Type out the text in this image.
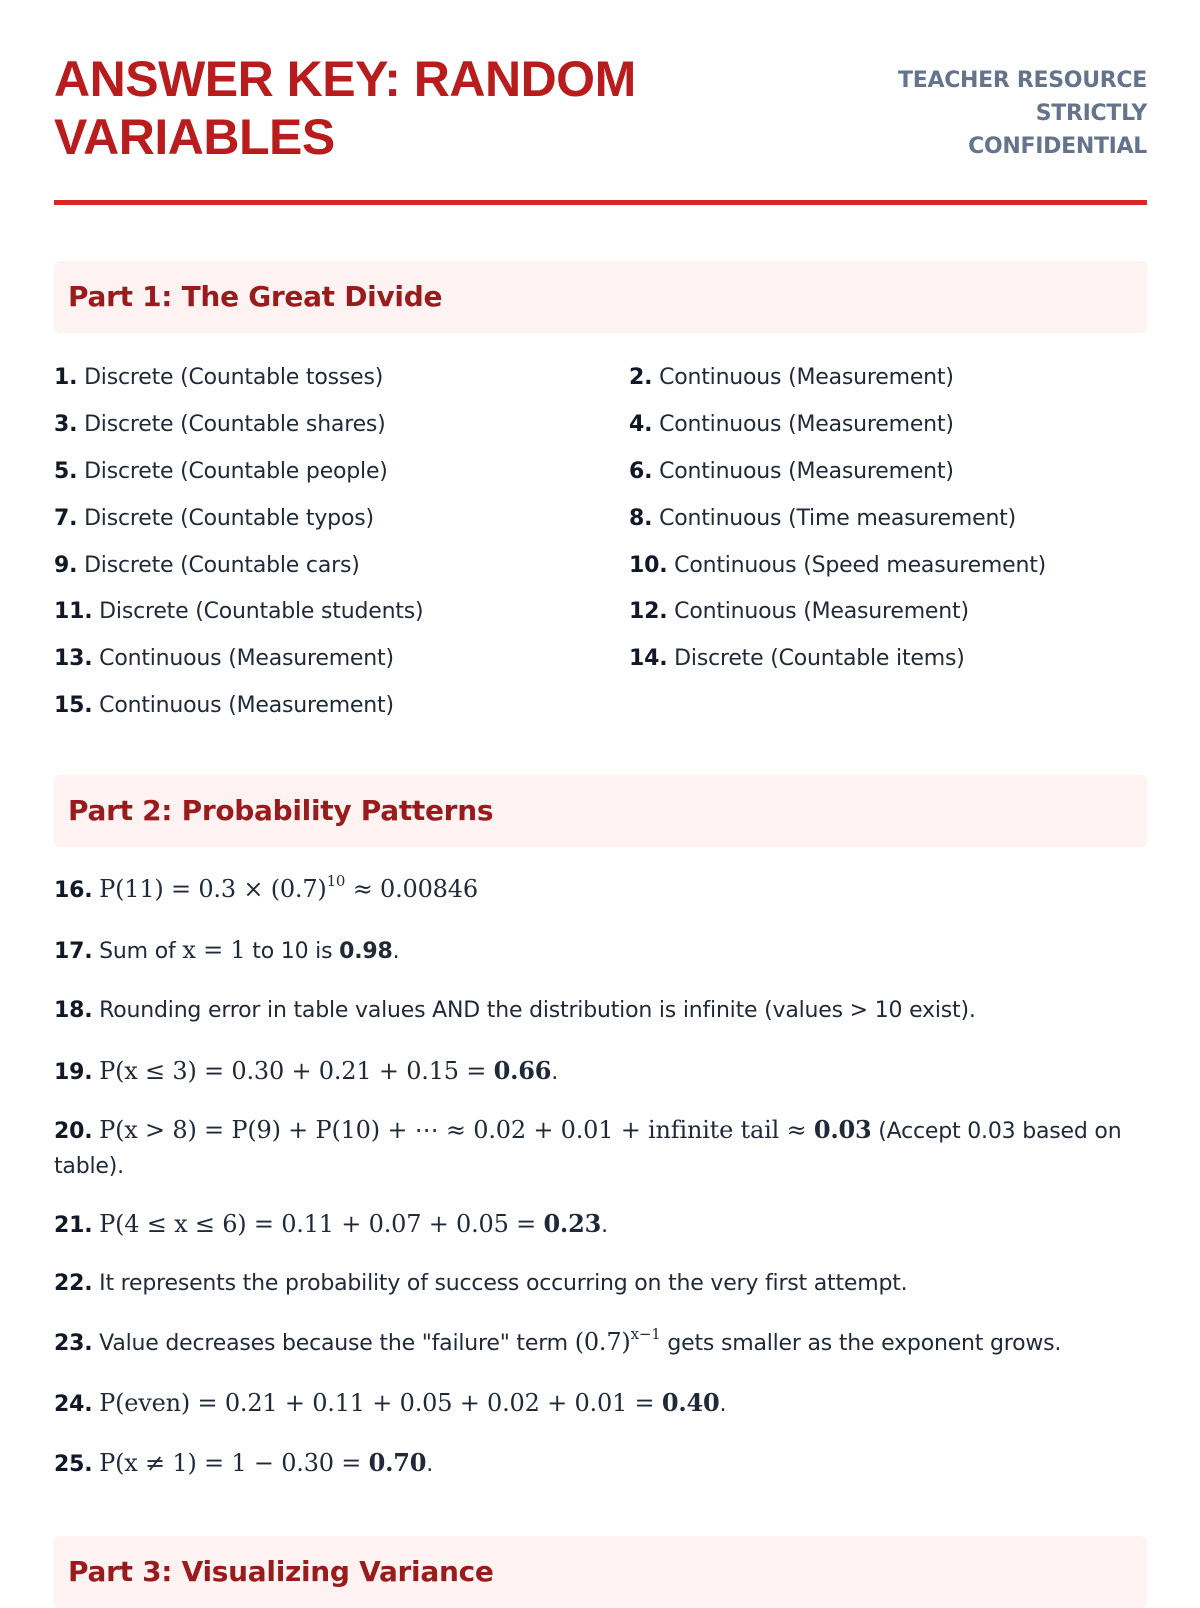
ANSWER KEY: RANDOM
VARIABLES
TEACHER RESOURCE
STRICTLY
CONFIDENTIAL
Part 1: The Great Divide
1. Discrete (Countable tosses)	2. Continuous (Measurement)
3. Discrete (Countable shares)	4. Continuous (Measurement)
5. Discrete (Countable people)	6. Continuous (Measurement)
7. Discrete (Countable typos)	8. Continuous (Time measurement)
9. Discrete (Countable cars)	10. Continuous (Speed measurement)
11. Discrete (Countable students)	12. Continuous (Measurement)
13. Continuous (Measurement)	14. Discrete (Countable items)
15. Continuous (Measurement)
Part 2: Probability Patterns
16. $P(11) = 0.3 \times (0.7)^{10} \approx 0.00846$
17. Sum of x = 1 to 10 is 0.98.
18. Rounding error in table values AND the distribution is infinite (values > 10 exist).
19. P(x ≤ 3) = 0.30 + 0.21 + 0.15 = 0.66.
20. P(x > 8) = P(9) + P(10) + ⋯ ≈ 0.02 + 0.01 + infinite tail ≈ 0.03 (Accept 0.03 based on table).
21. P(4 ≤ x ≤ 6) = 0.11 + 0.07 + 0.05 = 0.23.
22. It represents the probability of success occurring on the very first attempt.
23. Value decreases because the "failure" term $(0.7)^{x-1}$ gets smaller as the exponent grows.
24. P(even) = 0.21 + 0.11 + 0.05 + 0.02 + 0.01 = 0.40.
25. P(x ≠ 1) = 1 − 0.30 = 0.70.
Part 3: Visualizing Variance
